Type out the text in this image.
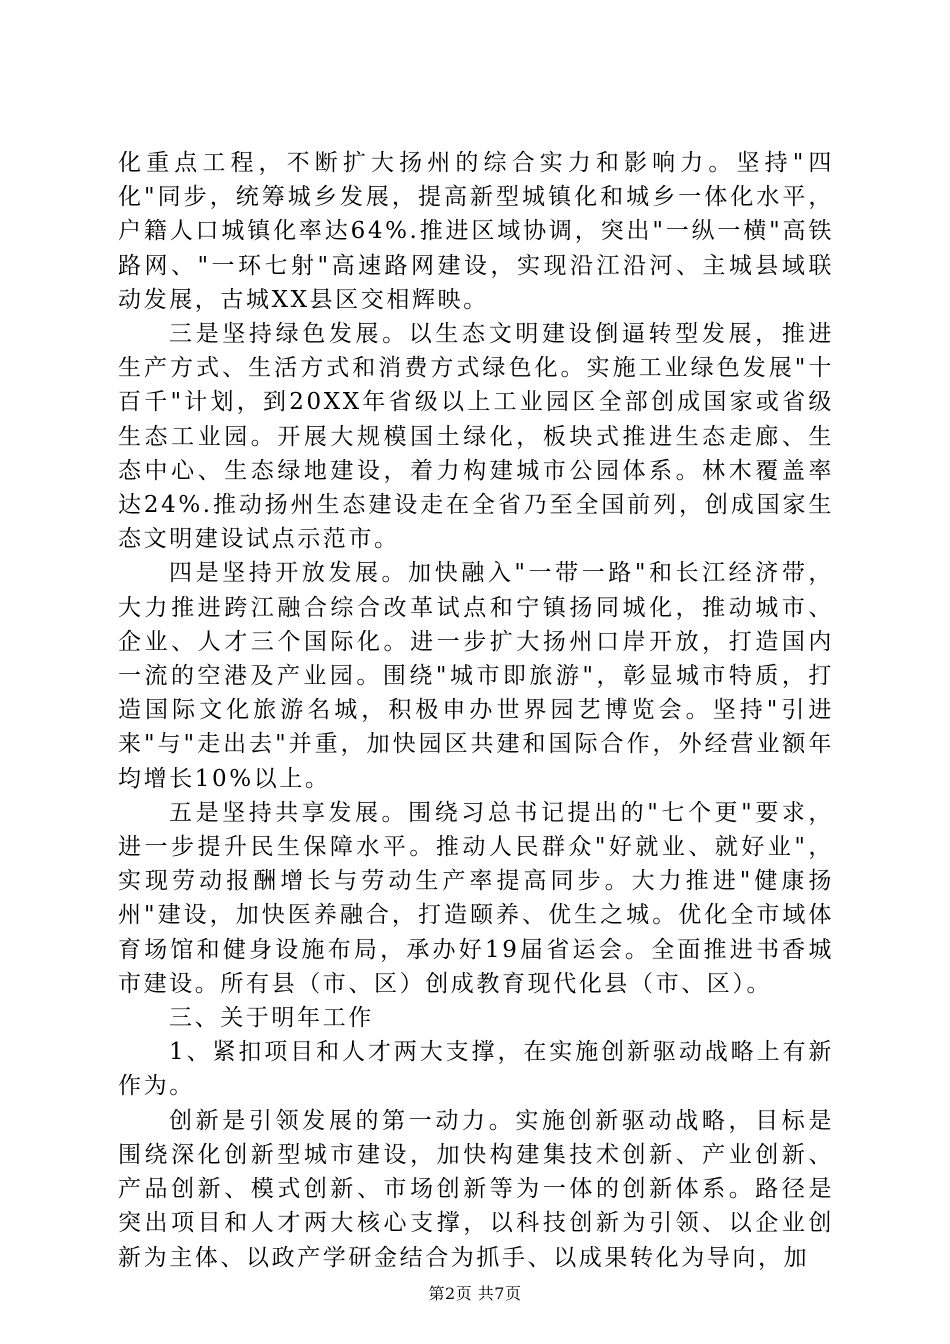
化重点工程，不断扩大扬州的综合实力和影响力。坚持"四化"同步，统筹城乡发展，提高新型城镇化和城乡一体化水平，户籍人口城镇化率达64%.推进区域协调，突出"一纵一横"高铁路网、"一环七射"高速路网建设，实现沿江沿河、主城县域联动发展，古城XX县区交相辉映。

三是坚持绿色发展。以生态文明建设倒逼转型发展，推进生产方式、生活方式和消费方式绿色化。实施工业绿色发展"十百千"计划，到20XX年省级以上工业园区全部创成国家或省级生态工业园。开展大规模国土绿化，板块式推进生态走廊、生态中心、生态绿地建设，着力构建城市公园体系。林木覆盖率达24%.推动扬州生态建设走在全省乃至全国前列，创成国家生态文明建设试点示范市。

四是坚持开放发展。加快融入"一带一路"和长江经济带，大力推进跨江融合综合改革试点和宁镇扬同城化，推动城市、企业、人才三个国际化。进一步扩大扬州口岸开放，打造国内一流的空港及产业园。围绕"城市即旅游"，彰显城市特质，打造国际文化旅游名城，积极申办世界园艺博览会。坚持"引进来"与"走出去"并重，加快园区共建和国际合作，外经营业额年均增长10%以上。

五是坚持共享发展。围绕习总书记提出的"七个更"要求，进一步提升民生保障水平。推动人民群众"好就业、就好业"，实现劳动报酬增长与劳动生产率提高同步。大力推进"健康扬州"建设，加快医养融合，打造颐养、优生之城。优化全市域体育场馆和健身设施布局，承办好19届省运会。全面推进书香城市建设。所有县（市、区）创成教育现代化县（市、区）。

三、关于明年工作

1、紧扣项目和人才两大支撑，在实施创新驱动战略上有新作为。

创新是引领发展的第一动力。实施创新驱动战略，目标是围绕深化创新型城市建设，加快构建集技术创新、产业创新、产品创新、模式创新、市场创新等为一体的创新体系。路径是突出项目和人才两大核心支撑，以科技创新为引领、以企业创新为主体、以政产学研金结合为抓手、以成果转化为导向，加

第2页 共7页
